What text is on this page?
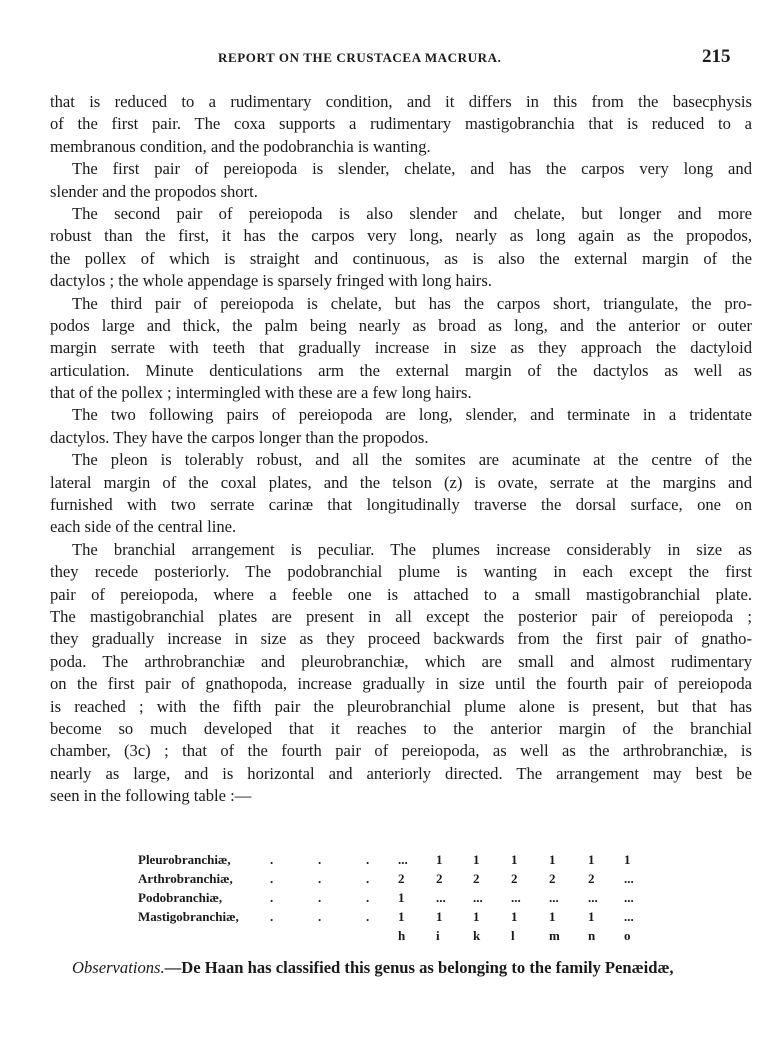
REPORT ON THE CRUSTACEA MACRURA.	215
that is reduced to a rudimentary condition, and it differs in this from the basecphysis
of the first pair. The coxa supports a rudimentary mastigobranchia that is reduced to a
membranous condition, and the podobranchia is wanting.
The first pair of pereiopoda is slender, chelate, and has the carpos very long and
slender and the propodos short.
The second pair of pereiopoda is also slender and chelate, but longer and more
robust than the first, it has the carpos very long, nearly as long again as the propodos,
the pollex of which is straight and continuous, as is also the external margin of the
dactylos ; the whole appendage is sparsely fringed with long hairs.
The third pair of pereiopoda is chelate, but has the carpos short, triangulate, the pro-
podos large and thick, the palm being nearly as broad as long, and the anterior or outer
margin serrate with teeth that gradually increase in size as they approach the dactyloid
articulation. Minute denticulations arm the external margin of the dactylos as well as
that of the pollex ; intermingled with these are a few long hairs.
The two following pairs of pereiopoda are long, slender, and terminate in a tridentate
dactylos. They have the carpos longer than the propodos.
The pleon is tolerably robust, and all the somites are acuminate at the centre of the
lateral margin of the coxal plates, and the telson (z) is ovate, serrate at the margins and
furnished with two serrate carinæ that longitudinally traverse the dorsal surface, one on
each side of the central line.
The branchial arrangement is peculiar. The plumes increase considerably in size as
they recede posteriorly. The podobranchial plume is wanting in each except the first
pair of pereiopoda, where a feeble one is attached to a small mastigobranchial plate.
The mastigobranchial plates are present in all except the posterior pair of pereiopoda ;
they gradually increase in size as they proceed backwards from the first pair of gnatho-
poda. The arthrobranchiæ and pleurobranchiæ, which are small and almost rudimentary
on the first pair of gnathopoda, increase gradually in size until the fourth pair of pereiopoda
is reached ; with the fifth pair the pleurobranchial plume alone is present, but that has
become so much developed that it reaches to the anterior margin of the branchial
chamber, (3c) ; that of the fourth pair of pereiopoda, as well as the arthrobranchiæ, is
nearly as large, and is horizontal and anteriorly directed. The arrangement may best be
seen in the following table :—
Pleurobranchiæ,	.	.	. ... 1 1 1 1	1 1
Arthrobranchiæ,	.	.	. 2 2 2 2 2	2 ...
Podobranchiæ,	.	.	. 1 ... ... ... ... ... ...
Mastigobranchiæ, .	.	. 1 1 1 1 1	1 ...
h i	k l	m n o
Observations.—De Haan has classified this genus as belonging to the family Penæidæ,
